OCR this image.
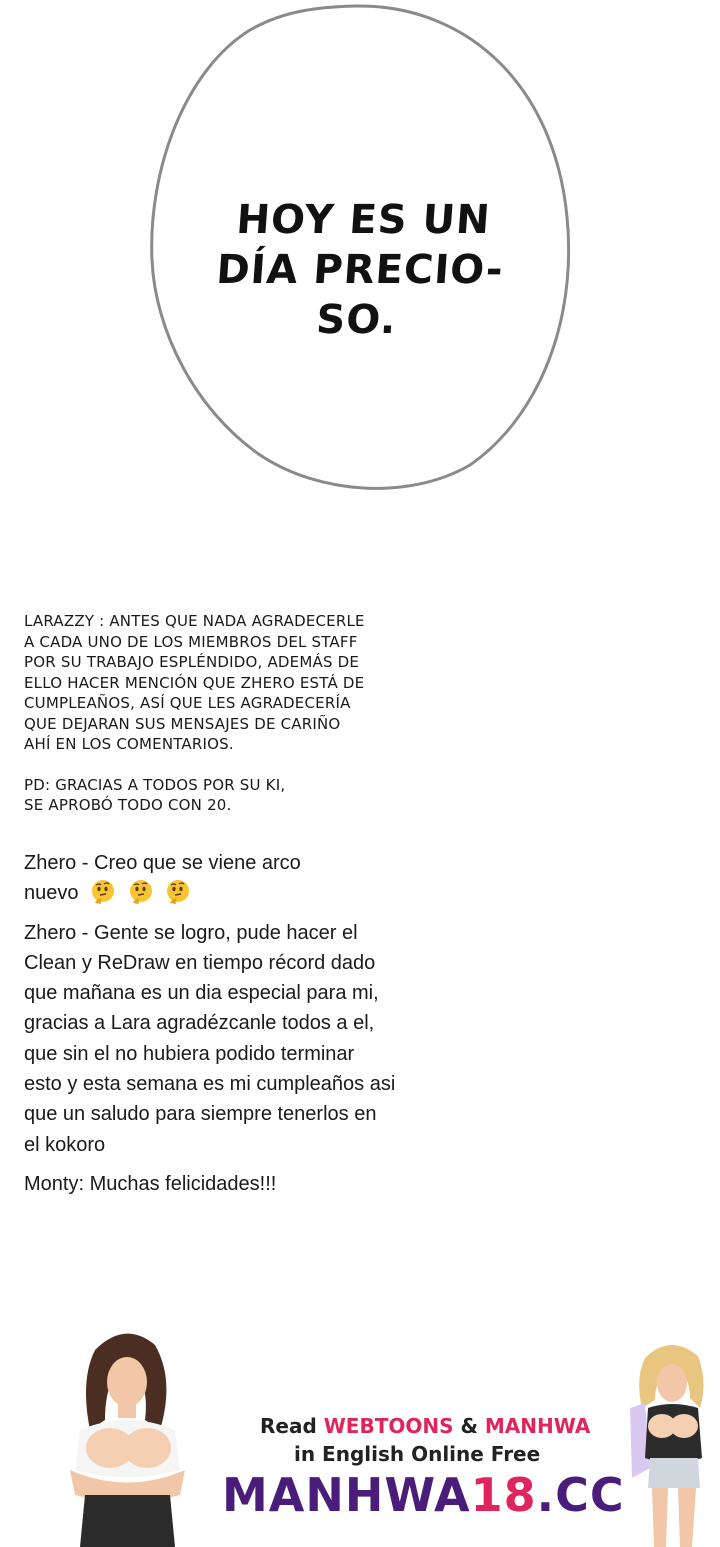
HOY ES UN
DÍA PRECIO-
SO.
LARAZZY : ANTES QUE NADA AGRADECERLE
A CADA UNO DE LOS MIEMBROS DEL STAFF
POR SU TRABAJO ESPLÉNDIDO, ADEMÁS DE
ELLO HACER MENCIÓN QUE ZHERO ESTÁ DE
CUMPLEAÑOS, ASÍ QUE LES AGRADECERÍA
QUE DEJARAN SUS MENSAJES DE CARIÑO
AHÍ EN LOS COMENTARIOS.
PD: GRACIAS A TODOS POR SU KI,
SE APROBÓ TODO CON 20.
Zhero - Creo que se viene arco
nuevo
Zhero - Gente se logro, pude hacer el
Clean y ReDraw en tiempo récord dado
que mañana es un dia especial para mi,
gracias a Lara agradézcanle todos a el,
que sin el no hubiera podido terminar
esto y esta semana es mi cumpleaños asi
que un saludo para siempre tenerlos en
el kokoro
Monty: Muchas felicidades!!!
Read WEBTOONS & MANHWA
in English Online Free
MANHWA18.CC
